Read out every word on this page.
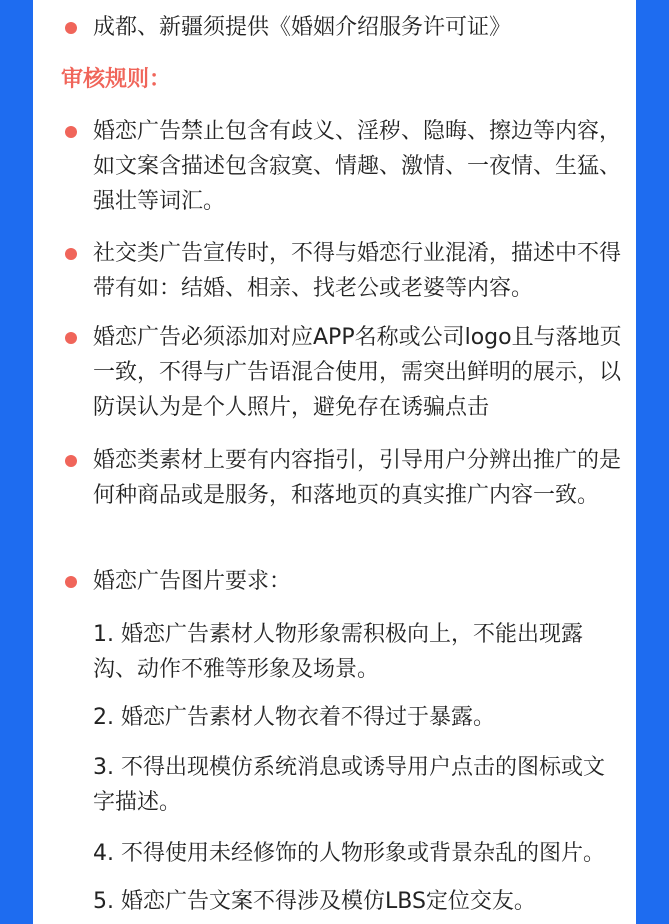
成都、新疆须提供《婚姻介绍服务许可证》
审核规则：
婚恋广告禁止包含有歧义、淫秽、隐晦、擦边等内容，如文案含描述包含寂寞、情趣、激情、一夜情、生猛、强壮等词汇。
社交类广告宣传时，不得与婚恋行业混淆，描述中不得带有如：结婚、相亲、找老公或老婆等内容。
婚恋广告必须添加对应APP名称或公司logo且与落地页一致，不得与广告语混合使用，需突出鲜明的展示，以防误认为是个人照片，避免存在诱骗点击
婚恋类素材上要有内容指引，引导用户分辨出推广的是何种商品或是服务，和落地页的真实推广内容一致。
婚恋广告图片要求：
1. 婚恋广告素材人物形象需积极向上，不能出现露沟、动作不雅等形象及场景。
2. 婚恋广告素材人物衣着不得过于暴露。
3. 不得出现模仿系统消息或诱导用户点击的图标或文字描述。
4. 不得使用未经修饰的人物形象或背景杂乱的图片。
5. 婚恋广告文案不得涉及模仿LBS定位交友。
